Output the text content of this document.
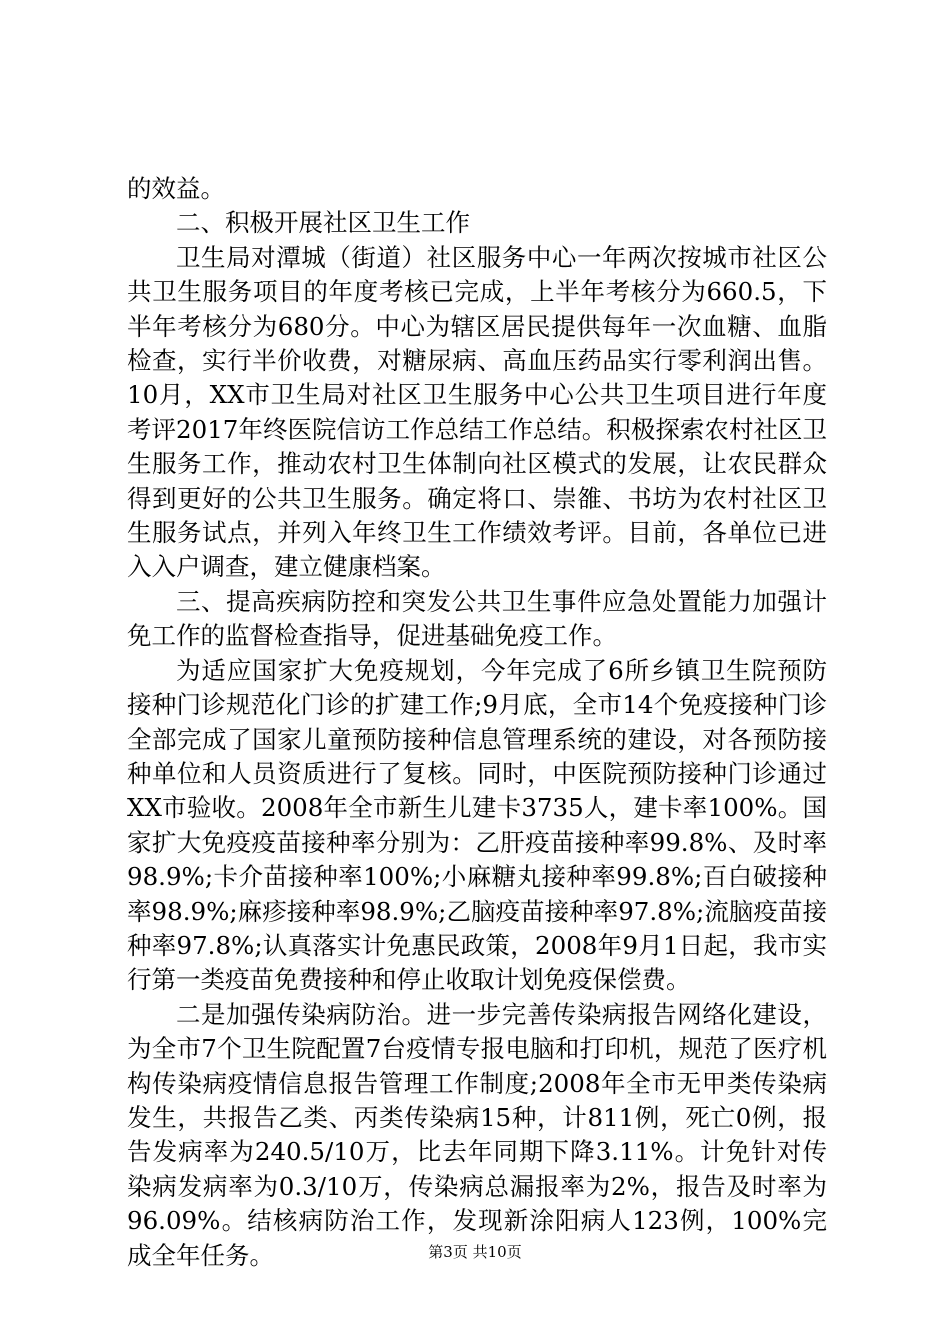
的效益。

二、积极开展社区卫生工作

卫生局对潭城（街道）社区服务中心一年两次按城市社区公共卫生服务项目的年度考核已完成，上半年考核分为660.5，下半年考核分为680分。中心为辖区居民提供每年一次血糖、血脂检查，实行半价收费，对糖尿病、高血压药品实行零利润出售。10月，XX市卫生局对社区卫生服务中心公共卫生项目进行年度考评2017年终医院信访工作总结工作总结。积极探索农村社区卫生服务工作，推动农村卫生体制向社区模式的发展，让农民群众得到更好的公共卫生服务。确定将口、崇雒、书坊为农村社区卫生服务试点，并列入年终卫生工作绩效考评。目前，各单位已进入入户调查，建立健康档案。

三、提高疾病防控和突发公共卫生事件应急处置能力加强计免工作的监督检查指导，促进基础免疫工作。

为适应国家扩大免疫规划，今年完成了6所乡镇卫生院预防接种门诊规范化门诊的扩建工作;9月底，全市14个免疫接种门诊全部完成了国家儿童预防接种信息管理系统的建设，对各预防接种单位和人员资质进行了复核。同时，中医院预防接种门诊通过XX市验收。2008年全市新生儿建卡3735人，建卡率100%。国家扩大免疫疫苗接种率分别为：乙肝疫苗接种率99.8%、及时率98.9%;卡介苗接种率100%;小麻糖丸接种率99.8%;百白破接种率98.9%;麻疹接种率98.9%;乙脑疫苗接种率97.8%;流脑疫苗接种率97.8%;认真落实计免惠民政策，2008年9月1日起，我市实行第一类疫苗免费接种和停止收取计划免疫保偿费。

二是加强传染病防治。进一步完善传染病报告网络化建设，为全市7个卫生院配置7台疫情专报电脑和打印机，规范了医疗机构传染病疫情信息报告管理工作制度;2008年全市无甲类传染病发生，共报告乙类、丙类传染病15种，计811例，死亡0例，报告发病率为240.5/10万，比去年同期下降3.11%。计免针对传染病发病率为0.3/10万，传染病总漏报率为2%，报告及时率为96.09%。结核病防治工作，发现新涂阳病人123例，100%完成全年任务。	第3页 共10页
